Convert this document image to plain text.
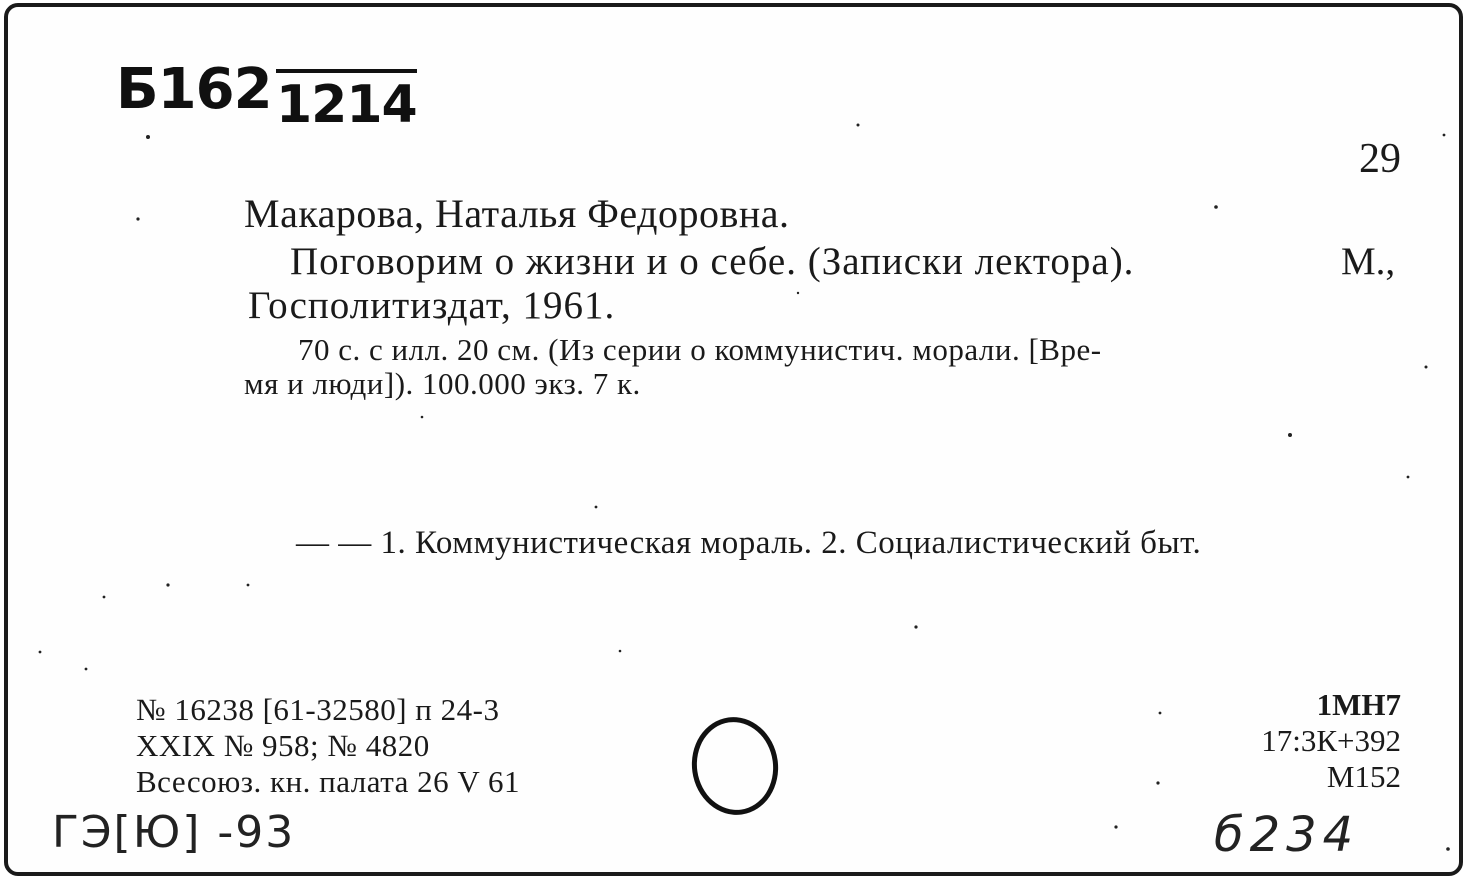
Б162 1214
29
Макарова, Наталья Федоровна.
Поговорим о жизни и о себе. (Записки лектора).	М.,
Госполитиздат, 1961.
70 с. с илл. 20 см. (Из серии о коммунистич. морали. [Вре-
мя и люди]). 100.000 экз. 7 к.
— — 1. Коммунистическая мораль. 2. Социалистический быт.
№ 16238 [61-32580] п 24-3
XXIX № 958; № 4820
Всесоюз. кн. палата 26 V 61
1МН7
17:3К+392
М152
ГЭ[Ю] -93	б234
